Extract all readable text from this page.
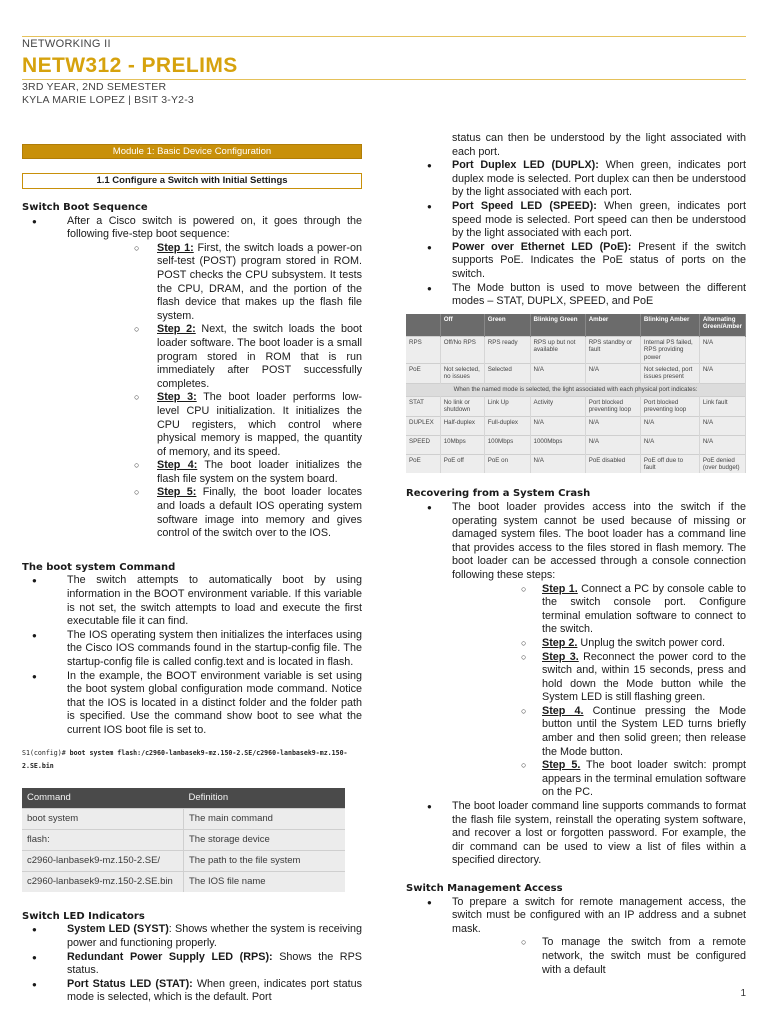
NETWORKING II
NETW312 - PRELIMS
3RD YEAR, 2ND SEMESTER
KYLA MARIE LOPEZ | BSIT 3-Y2-3
Module 1: Basic Device Configuration
1.1 Configure a Switch with Initial Settings
Switch Boot Sequence
● After a Cisco switch is powered on, it goes through the following five-step boot sequence:
○ Step 1: First, the switch loads a power-on self-test (POST) program stored in ROM. POST checks the CPU subsystem. It tests the CPU, DRAM, and the portion of the flash device that makes up the flash file system.
○ Step 2: Next, the switch loads the boot loader software. The boot loader is a small program stored in ROM that is run immediately after POST successfully completes.
○ Step 3: The boot loader performs low-level CPU initialization. It initializes the CPU registers, which control where physical memory is mapped, the quantity of memory, and its speed.
○ Step 4: The boot loader initializes the flash file system on the system board.
○ Step 5: Finally, the boot loader locates and loads a default IOS operating system software image into memory and gives control of the switch over to the IOS.
The boot system Command
● The switch attempts to automatically boot by using information in the BOOT environment variable. If this variable is not set, the switch attempts to load and execute the first executable file it can find.
● The IOS operating system then initializes the interfaces using the Cisco IOS commands found in the startup-config file. The startup-config file is called config.text and is located in flash.
● In the example, the BOOT environment variable is set using the boot system global configuration mode command. Notice that the IOS is located in a distinct folder and the folder path is specified. Use the command show boot to see what the current IOS boot file is set to.
S1(config)# boot system flash:/c2960-lanbasek9-mz.150-2.SE/c2960-lanbasek9-mz.150-2.SE.bin
Command	Definition
boot system	The main command
flash:	The storage device
c2960-lanbasek9-mz.150-2.SE/	The path to the file system
c2960-lanbasek9-mz.150-2.SE.bin	The IOS file name
Switch LED Indicators
● System LED (SYST): Shows whether the system is receiving power and functioning properly.
● Redundant Power Supply LED (RPS): Shows the RPS status.
● Port Status LED (STAT): When green, indicates port status mode is selected, which is the default. Port

status can then be understood by the light associated with each port.

● Port Duplex LED (DUPLX): When green, indicates port duplex mode is selected. Port duplex can then be understood by the light associated with each port.
● Port Speed LED (SPEED): When green, indicates port speed mode is selected. Port speed can then be understood by the light associated with each port.
● Power over Ethernet LED (PoE): Present if the switch supports PoE. Indicates the PoE status of ports on the switch.
● The Mode button is used to move between the different modes – STAT, DUPLX, SPEED, and PoE
	Off	Green	Blinking Green	Amber	Blinking Amber	Alternating Green/Amber
RPS	Off/No RPS	RPS ready	RPS up but not available	RPS standby or fault	Internal PS failed, RPS providing power	N/A
PoE	Not selected, no issues	Selected	N/A	N/A	Not selected, port issues present	N/A
When the named mode is selected, the light associated with each physical port indicates:						
STAT	No link or shutdown	Link Up	Activity	Port blocked preventing loop	Port blocked preventing loop	Link fault
DUPLEX	Half-duplex	Full-duplex	N/A	N/A	N/A	N/A
SPEED	10Mbps	100Mbps	1000Mbps	N/A	N/A	N/A
PoE	PoE off	PoE on	N/A	PoE disabled	PoE off due to fault	PoE denied (over budget)
Recovering from a System Crash
● The boot loader provides access into the switch if the operating system cannot be used because of missing or damaged system files. The boot loader has a command line that provides access to the files stored in flash memory. The boot loader can be accessed through a console connection following these steps:
○ Step 1. Connect a PC by console cable to the switch console port. Configure terminal emulation software to connect to the switch.
○ Step 2. Unplug the switch power cord.
○ Step 3. Reconnect the power cord to the switch and, within 15 seconds, press and hold down the Mode button while the System LED is still flashing green.
○ Step 4. Continue pressing the Mode button until the System LED turns briefly amber and then solid green; then release the Mode button.
○ Step 5. The boot loader switch: prompt appears in the terminal emulation software on the PC.
● The boot loader command line supports commands to format the flash file system, reinstall the operating system software, and recover a lost or forgotten password. For example, the dir command can be used to view a list of files within a specified directory.
Switch Management Access
● To prepare a switch for remote management access, the switch must be configured with an IP address and a subnet mask.
○ To manage the switch from a remote network, the switch must be configured with a default
1
